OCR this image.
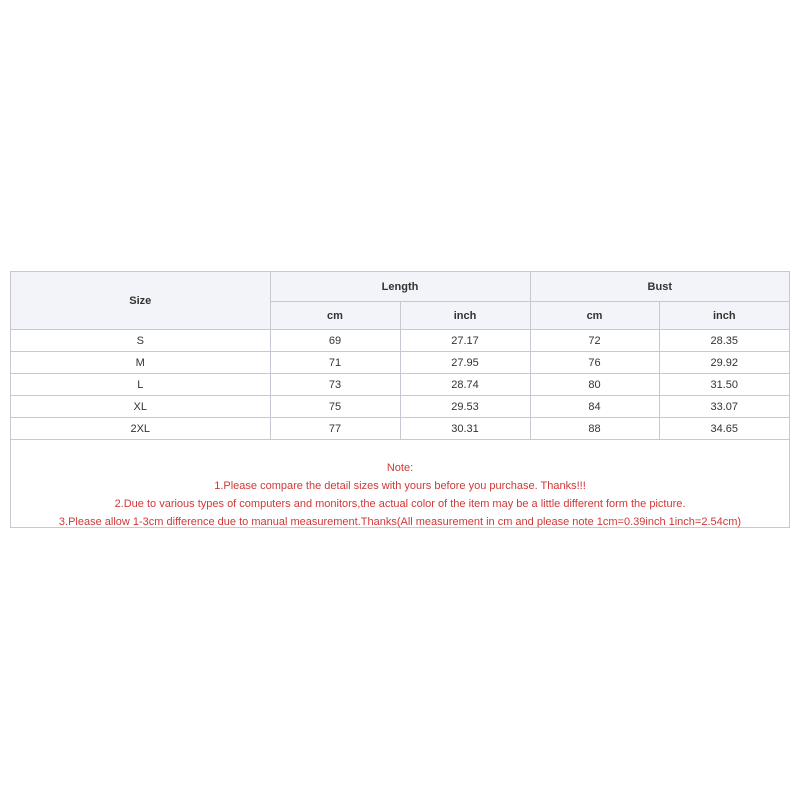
Size	Length		Bust	
	cm	inch	cm	inch
S	69	27.17	72	28.35
M	71	27.95	76	29.92
L	73	28.74	80	31.50
XL	75	29.53	84	33.07
2XL	77	30.31	88	34.65
Note:
1.Please compare the detail sizes with yours before you purchase. Thanks!!!
2.Due to various types of computers and monitors,the actual color of the item may be a little different form the picture.
3.Please allow 1-3cm difference due to manual measurement.Thanks(All measurement in cm and please note 1cm=0.39inch 1inch=2.54cm)
